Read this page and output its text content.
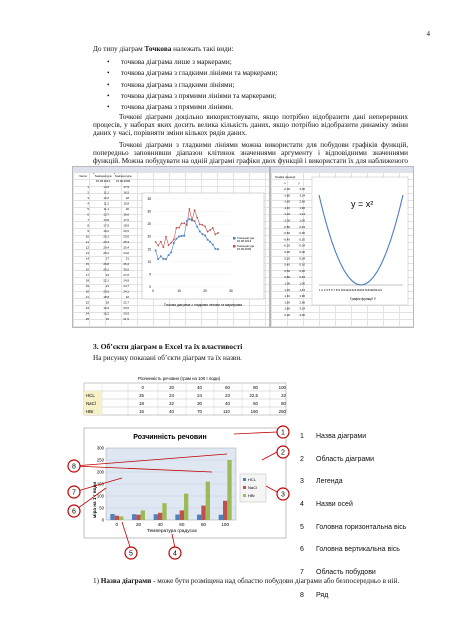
4
До типу діаграм Точкова належать такі види:
• точкова діаграма лише з маркерами;
• точкова діаграма з гладкими лініями та маркерами;
• точкова діаграма з гладкими лініями;
• точкова діаграма з прямими лініями та маркерами;
• точкова діаграма з прямими лініями.
Точкові діаграми доцільно використовувати, якщо потрібно відобразити дані неперервних процесів, у наборах яких досить велика кількість даних, якщо потрібно відобразити динаміку зміни даних у часі, порівняти зміни кількох рядів даних.
Точкові діаграми з гладкими лініями можна використати для побудови графіків функцій, попередньо заповнивши діапазон клітинок значеннями аргументу і відповідними значеннями функцій. Можна побудувати на одній діаграмі графіки двох функцій і використати їх для наближеного
Число	Температура Температура
15.06.2013 15.06.2009
1	14,5	17,9
2	11,1	16,5
3	12,2	18
4	11,2	15,8
5	11,1	20
6	12,7	16,6
7	13,8	17,6
8	17,5	18,9
9	19,2	23,5
10	20,1	23,6
11	20,3	25,3
12	20,4	25,4
13	26,2	24,6
14	27	31
15	26,8	26,4
16	26,2	30,5
17	24	27,6
18	22,1	24,9
19	21	24,7
20	20,5	24,1
21	18,8	22
22	18	22,7
23	16,9	23,5
24	15,2	20,9
25	15	21,5
35
30
25
20
15
10
5
0
0	10	20	30
Температура
15.06.2013
Температура
15.06.2009
Точкова діаграма з гладкими лініями та маркерами
Графік функції
x	y
-2,00	4,00
-1,80	3,24
-1,60	2,56
-1,40	1,96
-1,20	1,44
-1,00	1,00
-0,80	0,64
-0,60	0,36
-0,40	0,16
-0,20	0,04
0,00	0,00
0,20	0,04
0,40	0,16
0,60	0,36
0,80	0,64
1,00	1,00
1,20	1,44
1,40	1,96
1,60	2,56
1,80	3,24
2,00	4,00
y = x²
1 2 3 4 5 6 7 8 9 10111213141516171819202121
Графік функції Y
3. Об’єкти діаграм в Excel та їх властивості
На рисунку показані об’єкти діаграм та їх назви.
Розчинність речовин (грам на 100 г води)
0	20	40	60	80	100
HCL	25	24	24	23	22,5	22
NaCl	18	22	30	40	60	80
HBr	15	40	70	110	160	250
Розчинність речовин
300
250
200
150
100
50
0
0	20	40	60	80	100
міра на 1 г води
Температура градусах
HCL
NaCl
HBr
1
2
3
4
5
6
7
8
1	Назва діаграми
2	Область діаграми
3	Легенда
4	Назви осей
5	Головна горизонтальна вісь
6	Головна вертикальна вісь
7	Область побудови
8	Ряд
1) Назва діаграми - може бути розміщена над областю побудови діаграми або безпосередньо в ній.
